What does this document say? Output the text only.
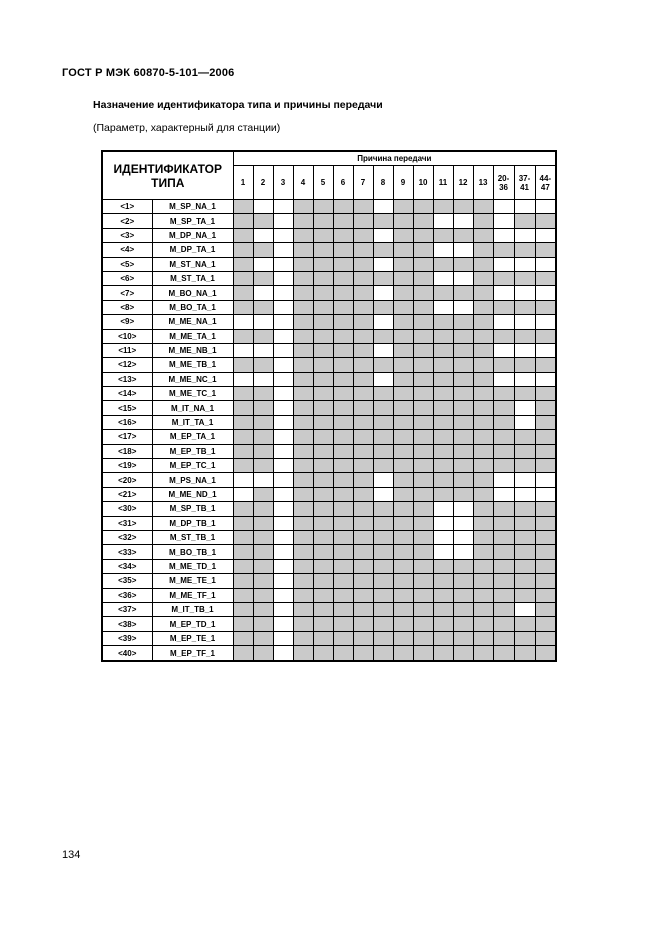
ГОСТ Р МЭК 60870-5-101—2006
Назначение идентификатора типа и причины передачи
(Параметр, характерный для станции)
ИДЕНТИФИКАТОР ТИПА		Причина передачи															
		1	2	3	4	5	6	7	8	9	10	11	12	13	20-36	37-41	44-47
<1>	M_SP_NA_1																
<2>	M_SP_TA_1																
<3>	M_DP_NA_1																
<4>	M_DP_TA_1																
<5>	M_ST_NA_1																
<6>	M_ST_TA_1																
<7>	M_BO_NA_1																
<8>	M_BO_TA_1																
<9>	M_ME_NA_1																
<10>	M_ME_TA_1																
<11>	M_ME_NB_1																
<12>	M_ME_TB_1																
<13>	M_ME_NC_1																
<14>	M_ME_TC_1																
<15>	M_IT_NA_1																
<16>	M_IT_TA_1																
<17>	M_EP_TA_1																
<18>	M_EP_TB_1																
<19>	M_EP_TC_1																
<20>	M_PS_NA_1																
<21>	M_ME_ND_1																
<30>	M_SP_TB_1																
<31>	M_DP_TB_1																
<32>	M_ST_TB_1																
<33>	M_BO_TB_1																
<34>	M_ME_TD_1																
<35>	M_ME_TE_1																
<36>	M_ME_TF_1																
<37>	M_IT_TB_1																
<38>	M_EP_TD_1																
<39>	M_EP_TE_1																
<40>	M_EP_TF_1																
134
